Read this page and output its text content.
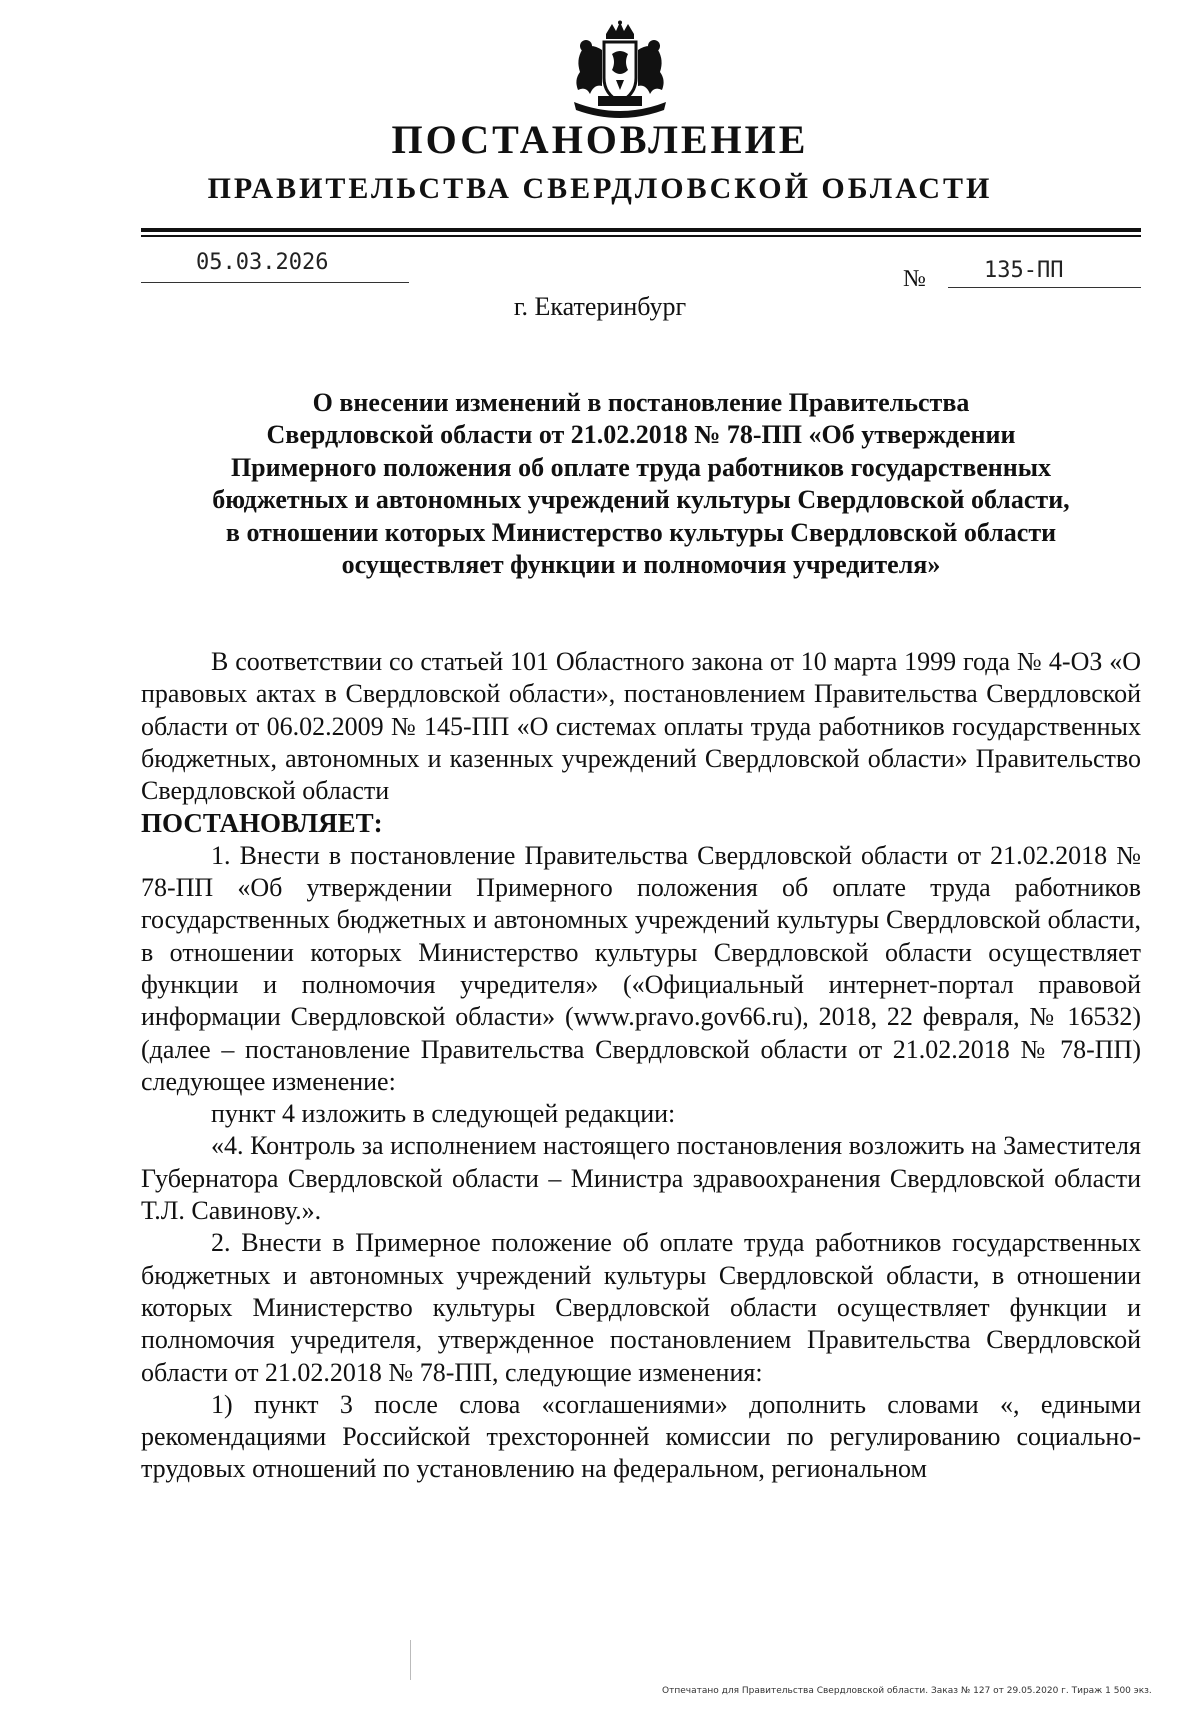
ПОСТАНОВЛЕНИЕ
ПРАВИТЕЛЬСТВА СВЕРДЛОВСКОЙ ОБЛАСТИ
05.03.2026
№	135-ПП
г. Екатеринбург

О внесении изменений в постановление Правительства

Свердловской области от 21.02.2018 № 78-ПП «Об утверждении

Примерного положения об оплате труда работников государственных

бюджетных и автономных учреждений культуры Свердловской области,

в отношении которых Министерство культуры Свердловской области

осуществляет функции и полномочия учредителя»

В соответствии со статьей 101 Областного закона от 10 марта 1999 года № 4-ОЗ «О правовых актах в Свердловской области», постановлением Правительства Свердловской области от 06.02.2009 № 145-ПП «О системах оплаты труда работников государственных бюджетных, автономных и казенных учреждений Свердловской области» Правительство Свердловской области

ПОСТАНОВЛЯЕТ:

1. Внести в постановление Правительства Свердловской области от 21.02.2018 № 78-ПП «Об утверждении Примерного положения об оплате труда работников государственных бюджетных и автономных учреждений культуры Свердловской области, в отношении которых Министерство культуры Свердловской области осуществляет функции и полномочия учредителя» («Официальный интернет-портал правовой информации Свердловской области» (www.pravo.gov66.ru), 2018, 22 февраля, № 16532) (далее – постановление Правительства Свердловской области от 21.02.2018 № 78-ПП) следующее изменение:

пункт 4 изложить в следующей редакции:

«4. Контроль за исполнением настоящего постановления возложить на Заместителя Губернатора Свердловской области – Министра здравоохранения Свердловской области Т.Л. Савинову.».

2. Внести в Примерное положение об оплате труда работников государственных бюджетных и автономных учреждений культуры Свердловской области, в отношении которых Министерство культуры Свердловской области осуществляет функции и полномочия учредителя, утвержденное постановлением Правительства Свердловской области от 21.02.2018 № 78-ПП, следующие изменения:

1) пункт 3 после слова «соглашениями» дополнить словами «, едиными рекомендациями Российской трехсторонней комиссии по регулированию социально-трудовых отношений по установлению на федеральном, региональном

Отпечатано для Правительства Свердловской области. Заказ № 127 от 29.05.2020 г. Тираж 1 500 экз.
